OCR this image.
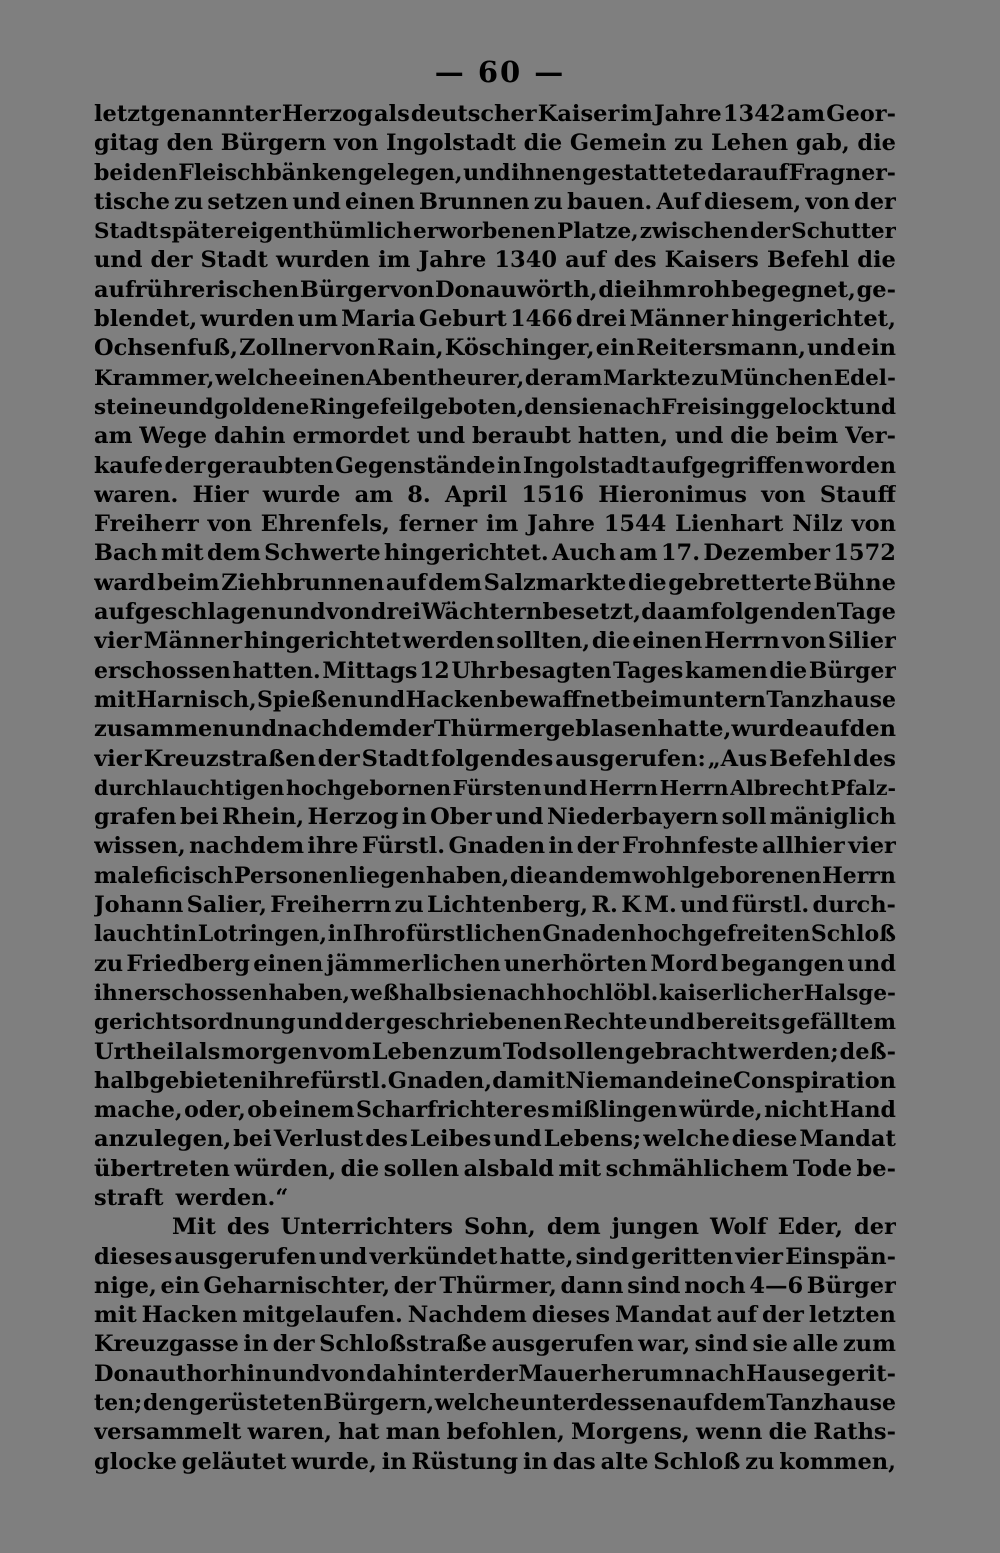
— 60 —
letztgenannter Herzog als deutscher Kaiser im Jahre 1342 am Geor-
gitag den Bürgern von Ingolstadt die Gemein zu Lehen gab, die
bei den Fleischbänken gelegen, und ihnen gestattete darauf Fragner-
tische zu setzen und einen Brunnen zu bauen. Auf diesem, von der
Stadt später eigenthümlich erworbenen Platze, zwischen der Schutter
und der Stadt wurden im Jahre 1340 auf des Kaisers Befehl die
aufrührerischen Bürger von Donauwörth, die ihm roh begegnet, ge-
blendet, wurden um Maria Geburt 1466 drei Männer hingerichtet,
Ochsenfuß, Zollner von Rain, Köschinger, ein Reitersmann, und ein
Krammer, welche einen Abentheurer, der am Markte zu München Edel-
steine und goldene Ringe feilgeboten, den sie nach Freising gelockt und
am Wege dahin ermordet und beraubt hatten, und die beim Ver-
kaufe der geraubten Gegenstände in Ingolstadt aufgegriffen worden
waren. Hier wurde am 8. April 1516 Hieronimus von Stauff
Freiherr von Ehrenfels, ferner im Jahre 1544 Lienhart Nilz von
Bach mit dem Schwerte hingerichtet. Auch am 17. Dezember 1572
ward beim Ziehbrunnen auf dem Salzmarkte die gebretterte Bühne
aufgeschlagen und von drei Wächtern besetzt, da am folgenden Tage
vier Männer hingerichtet werden sollten, die einen Herrn von Silier
erschossen hatten. Mittags 12 Uhr besagten Tages kamen die Bürger
mit Harnisch, Spießen und Hacken bewaffnet beim untern Tanzhause
zusammen und nachdem der Thürmer geblasen hatte, wurde auf den
vier Kreuzstraßen der Stadt folgendes ausgerufen: „Aus Befehl des
durchlauchtigen hochgebornen Fürsten und Herrn Herrn Albrecht Pfalz-
grafen bei Rhein, Herzog in Ober und Niederbayern soll mäniglich
wissen, nachdem ihre Fürstl. Gnaden in der Frohnfeste allhier vier
maleficisch Personen liegen haben, die an dem wohlgeborenen Herrn
Johann Salier, Freiherrn zu Lichtenberg, R. K M. und fürstl. durch-
laucht in Lotringen, in Ihro fürstlichen Gnaden hochgefreiten Schloß
zu Friedberg einen jämmerlichen unerhörten Mord begangen und
ihn erschossen haben, weßhalb sie nach hochlöbl. kaiserlicher Halsge-
gerichtsordnung und der geschriebenen Rechte und bereits gefälltem
Urtheil als morgen vom Leben zum Tod sollen gebracht werden; deß-
halb gebieten ihre fürstl. Gnaden, damit Niemand eine Conspiration
mache, oder, ob einem Scharfrichter es mißlingen würde, nicht Hand
anzulegen, bei Verlust des Leibes und Lebens; welche diese Mandat
übertreten würden, die sollen alsbald mit schmählichem Tode be-
straft werden.“
Mit des Unterrichters Sohn, dem jungen Wolf Eder, der
dieses ausgerufen und verkündet hatte, sind geritten vier Einspän-
nige, ein Geharnischter, der Thürmer, dann sind noch 4—6 Bürger
mit Hacken mitgelaufen. Nachdem dieses Mandat auf der letzten
Kreuzgasse in der Schloßstraße ausgerufen war, sind sie alle zum
Donauthor hin und von da hinter der Mauer herum nach Hause gerit-
ten; den gerüsteten Bürgern, welche unterdessen auf dem Tanzhause
versammelt waren, hat man befohlen, Morgens, wenn die Raths-
glocke geläutet wurde, in Rüstung in das alte Schloß zu kommen,
